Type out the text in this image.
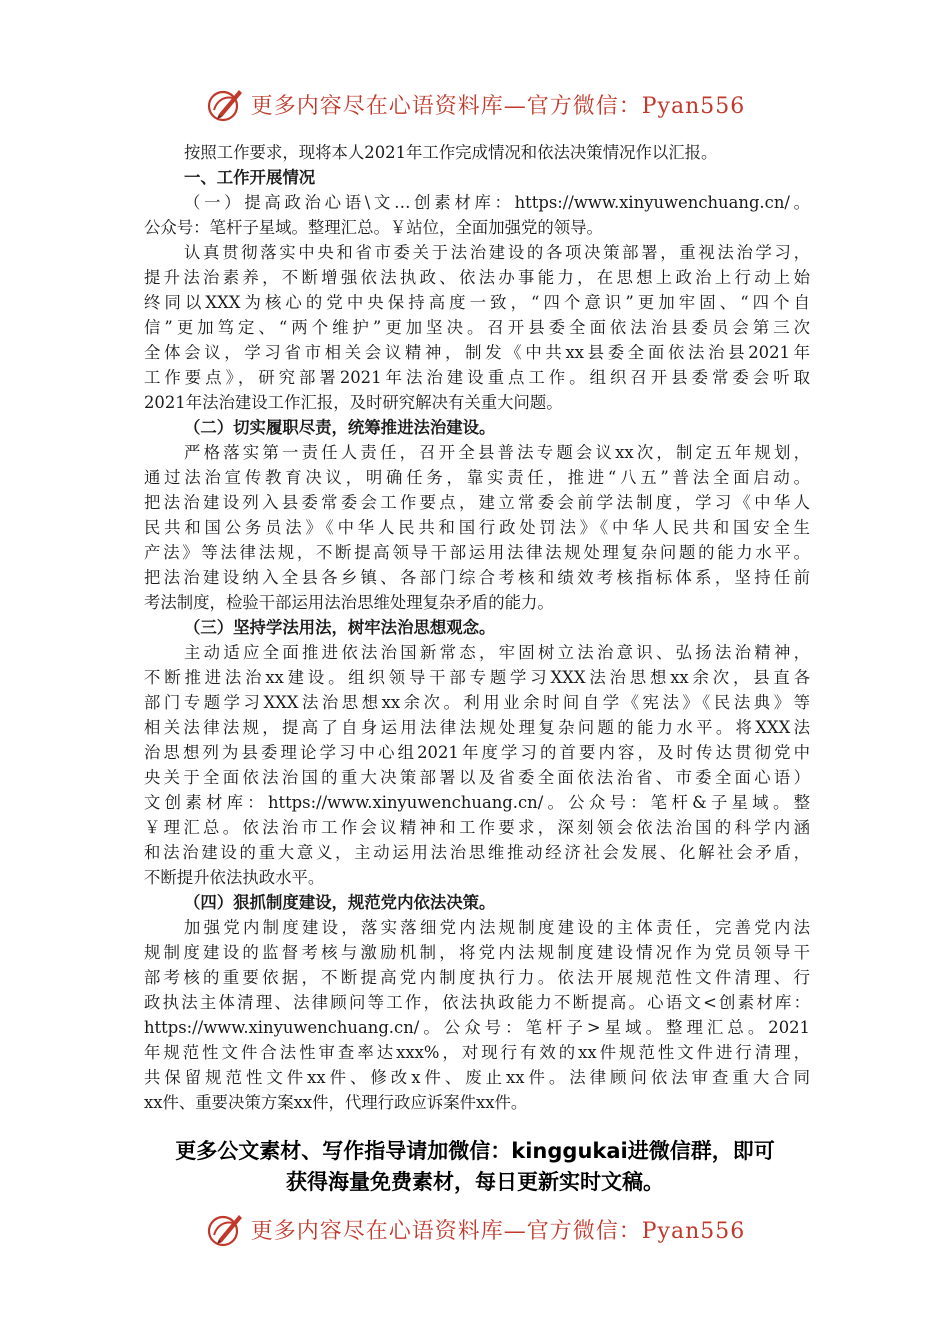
更多内容尽在心语资料库—官方微信：Pyan556
按照工作要求，现将本人2021年工作完成情况和依法决策情况作以汇报。
一、工作开展情况
（一）提高政治心语\文…创素材库：https://www.xinyuwenchuang.cn/。
公众号：笔杆子星域。整理汇总。￥站位，全面加强党的领导。
认真贯彻落实中央和省市委关于法治建设的各项决策部署，重视法治学习，
提升法治素养，不断增强依法执政、依法办事能力，在思想上政治上行动上始
终同以XXX为核心的党中央保持高度一致，“四个意识”更加牢固、“四个自
信”更加笃定、“两个维护”更加坚决。召开县委全面依法治县委员会第三次
全体会议，学习省市相关会议精神，制发《中共xx县委全面依法治县2021年
工作要点》，研究部署2021年法治建设重点工作。组织召开县委常委会听取
2021年法治建设工作汇报，及时研究解决有关重大问题。
（二）切实履职尽责，统筹推进法治建设。
严格落实第一责任人责任，召开全县普法专题会议xx次，制定五年规划，
通过法治宣传教育决议，明确任务，靠实责任，推进“八五”普法全面启动。
把法治建设列入县委常委会工作要点，建立常委会前学法制度，学习《中华人
民共和国公务员法》《中华人民共和国行政处罚法》《中华人民共和国安全生
产法》等法律法规，不断提高领导干部运用法律法规处理复杂问题的能力水平。
把法治建设纳入全县各乡镇、各部门综合考核和绩效考核指标体系，坚持任前
考法制度，检验干部运用法治思维处理复杂矛盾的能力。
（三）坚持学法用法，树牢法治思想观念。
主动适应全面推进依法治国新常态，牢固树立法治意识、弘扬法治精神，
不断推进法治xx建设。组织领导干部专题学习XXX法治思想xx余次，县直各
部门专题学习XXX法治思想xx余次。利用业余时间自学《宪法》《民法典》等
相关法律法规，提高了自身运用法律法规处理复杂问题的能力水平。将XXX法
治思想列为县委理论学习中心组2021年度学习的首要内容，及时传达贯彻党中
央关于全面依法治国的重大决策部署以及省委全面依法治省、市委全面心语）
文创素材库：https://www.xinyuwenchuang.cn/。公众号：笔杆&子星域。整
￥理汇总。依法治市工作会议精神和工作要求，深刻领会依法治国的科学内涵
和法治建设的重大意义，主动运用法治思维推动经济社会发展、化解社会矛盾，
不断提升依法执政水平。
（四）狠抓制度建设，规范党内依法决策。
加强党内制度建设，落实落细党内法规制度建设的主体责任，完善党内法
规制度建设的监督考核与激励机制，将党内法规制度建设情况作为党员领导干
部考核的重要依据，不断提高党内制度执行力。依法开展规范性文件清理、行
政执法主体清理、法律顾问等工作，依法执政能力不断提高。心语文<创素材库：
https://www.xinyuwenchuang.cn/。公众号：笔杆子>星域。整理汇总。2021
年规范性文件合法性审查率达xxx%，对现行有效的xx件规范性文件进行清理，
共保留规范性文件xx件、修改x件、废止xx件。法律顾问依法审查重大合同
xx件、重要决策方案xx件，代理行政应诉案件xx件。
更多公文素材、写作指导请加微信：kinggukai进微信群，即可
获得海量免费素材，每日更新实时文稿。
更多内容尽在心语资料库—官方微信：Pyan556
